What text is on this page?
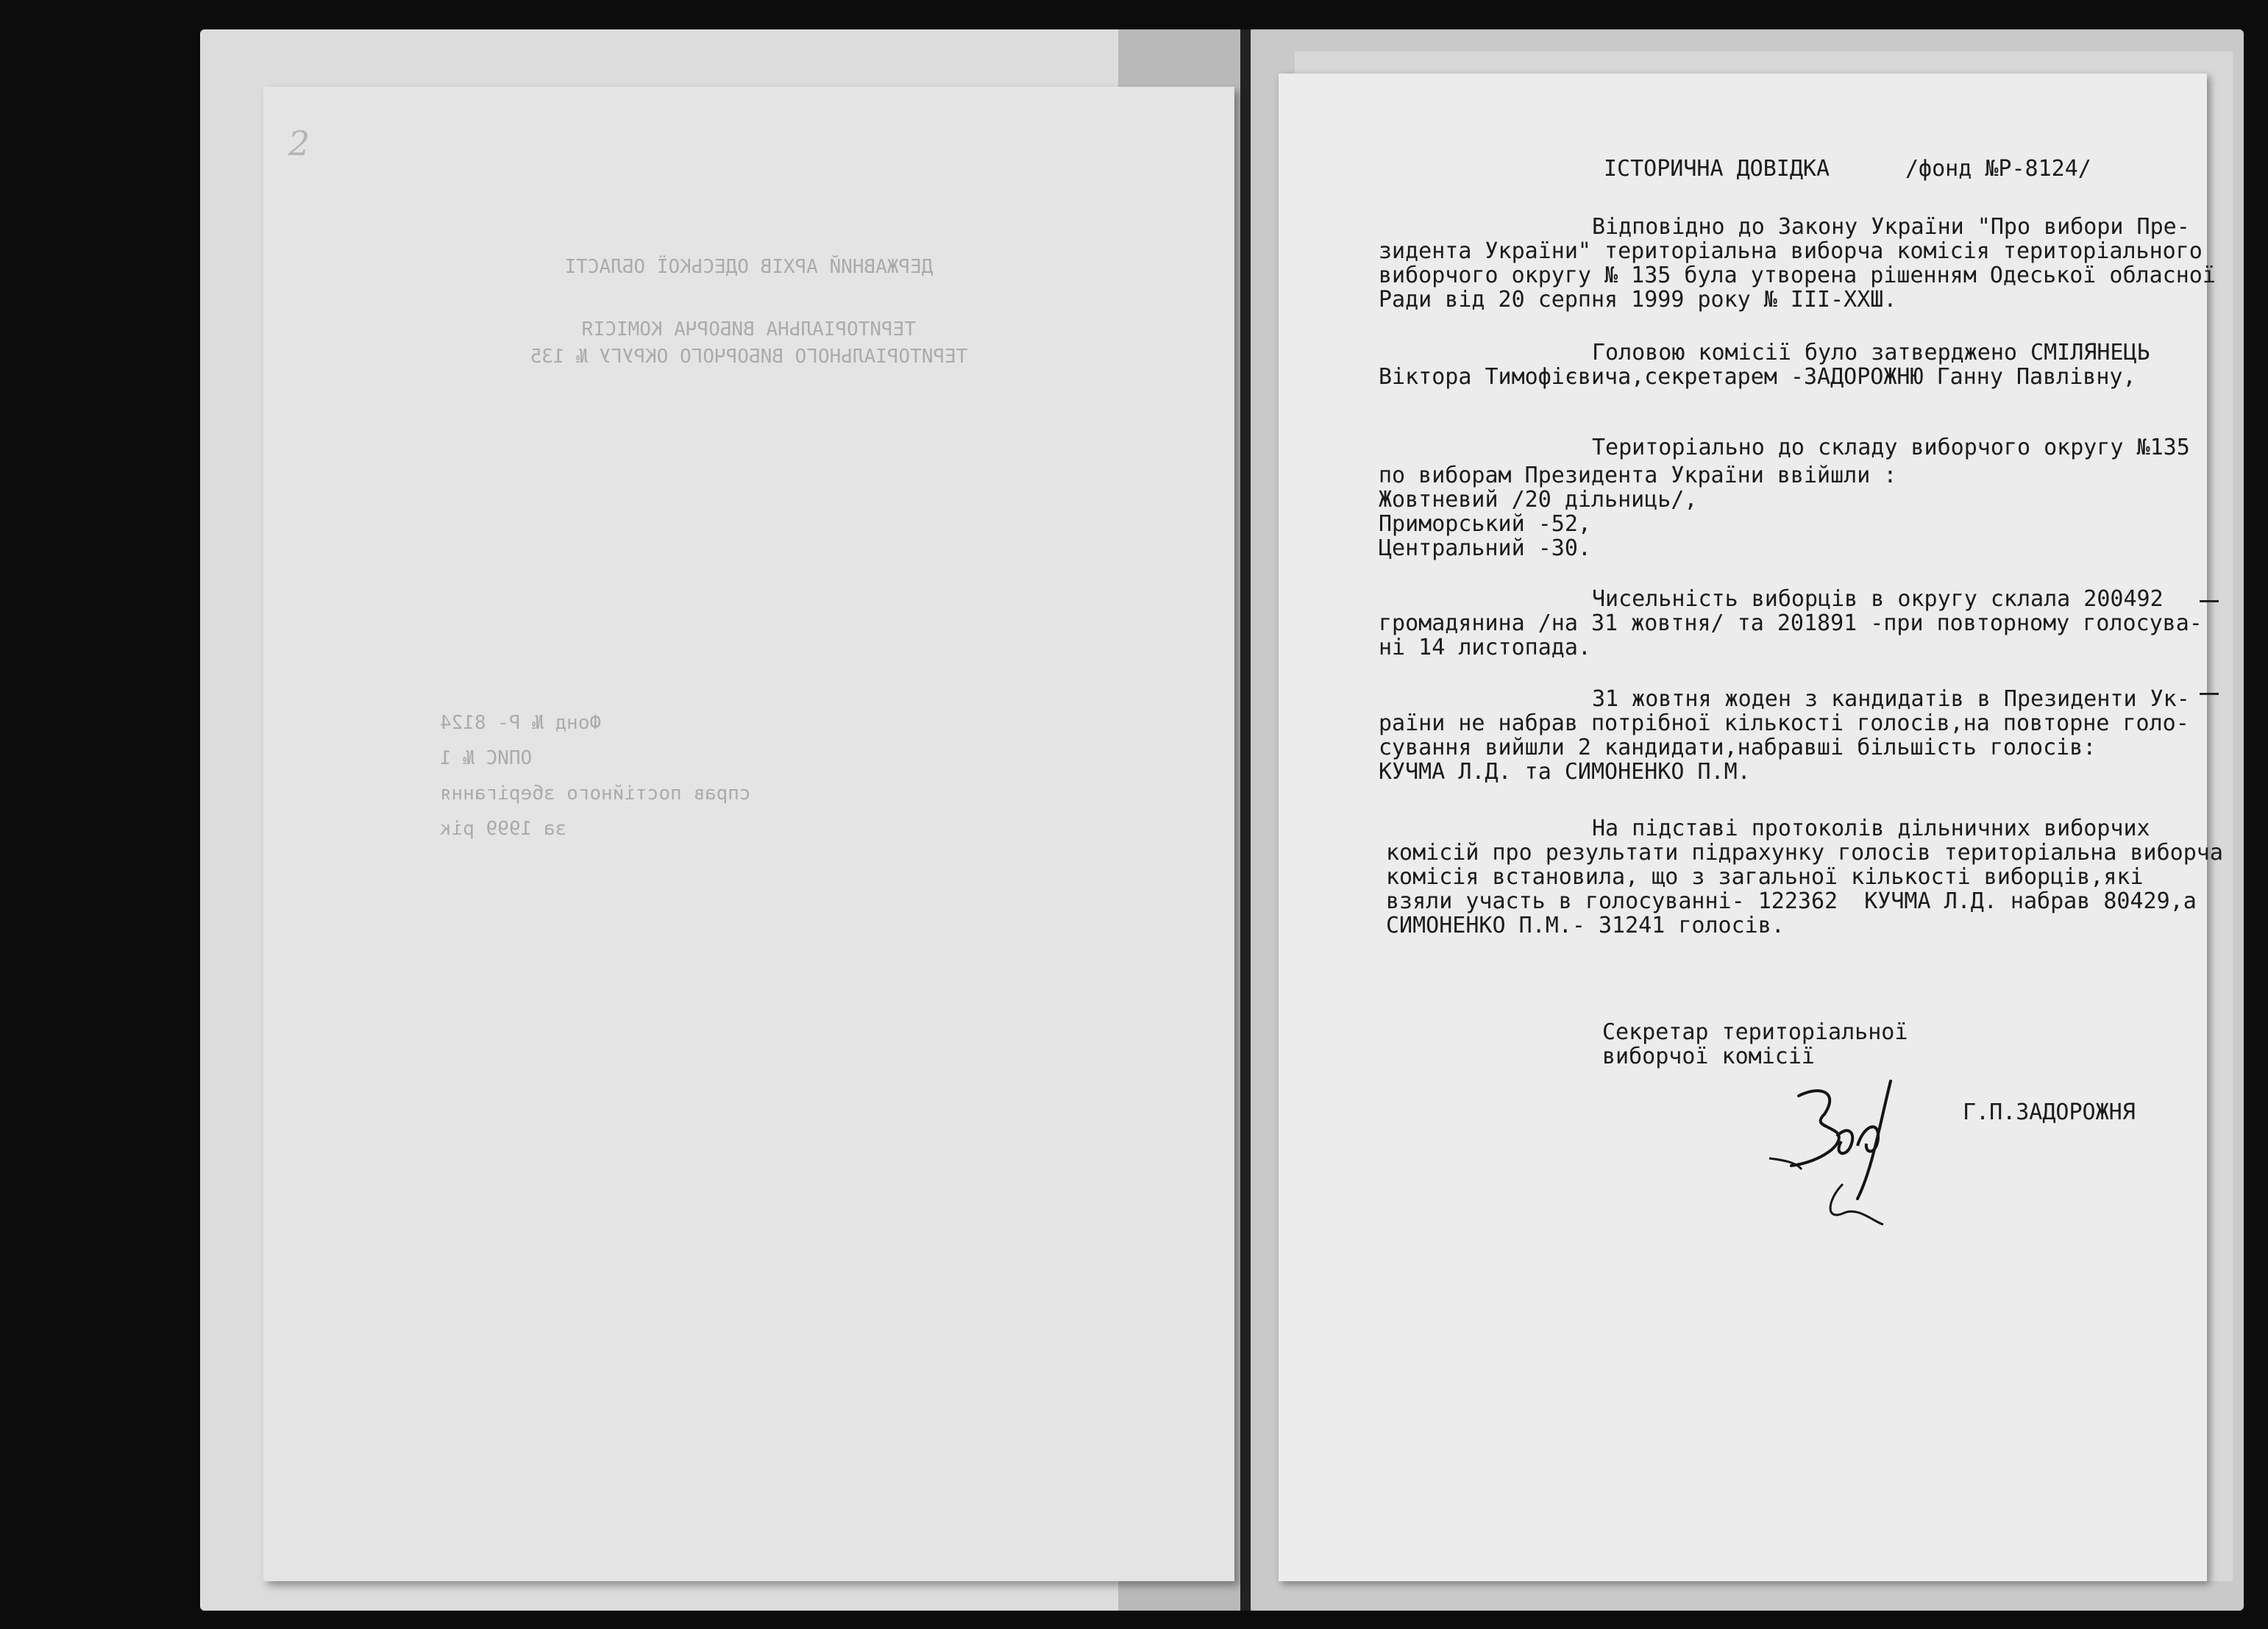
ДЕРЖАВНИЙ АРХІВ ОДЕСЬКОЇ ОБЛАСТІ
ТЕРИТОРІАЛЬНА ВИБОРЧА КОМІСІЯ
ТЕРИТОРІАЛЬНОГО ВИБОРЧОГО ОКРУГУ № 135
Фонд № Р- 8124
ОПИС № 1
справ постійного зберігання
за 1999 рік
2
ІСТОРИЧНА ДОВІДКА	/фонд №Р-8124/
Відповідно до Закону України "Про вибори Пре-
зидента України" територіальна виборча комісія територіального
виборчого округу № 135 була утворена рішенням Одеської обласної
Ради від 20 серпня 1999 року № III-XXШ.
Головою комісії було затверджено СМІЛЯНЕЦЬ
Віктора Тимофієвича,секретарем -ЗАДОРОЖНЮ Ганну Павлівну,
Територіально до складу виборчого округу №135
по виборам Президента України ввійшли :
Жовтневий /20 дільниць/,
Приморський -52,
Центральний -30.
Чисельність виборців в округу склала 200492
громадянина /на 31 жовтня/ та 201891 -при повторному голосува-
ні 14 листопада.
31 жовтня жоден з кандидатів в Президенти Ук-
раїни не набрав потрібної кількості голосів,на повторне голо-
сування вийшли 2 кандидати,набравші більшість голосів:
КУЧМА Л.Д. та СИМОНЕНКО П.М.
На підставі протоколів дільничних виборчих
комісій про результати підрахунку голосів територіальна виборча
комісія встановила, що з загальної кількості виборців,які
взяли участь в голосуванні- 122362  КУЧМА Л.Д. набрав 80429,а
СИМОНЕНКО П.М.- 31241 голосів.
Секретар територіальної
виборчої комісії
Г.П.ЗАДОРОЖНЯ
